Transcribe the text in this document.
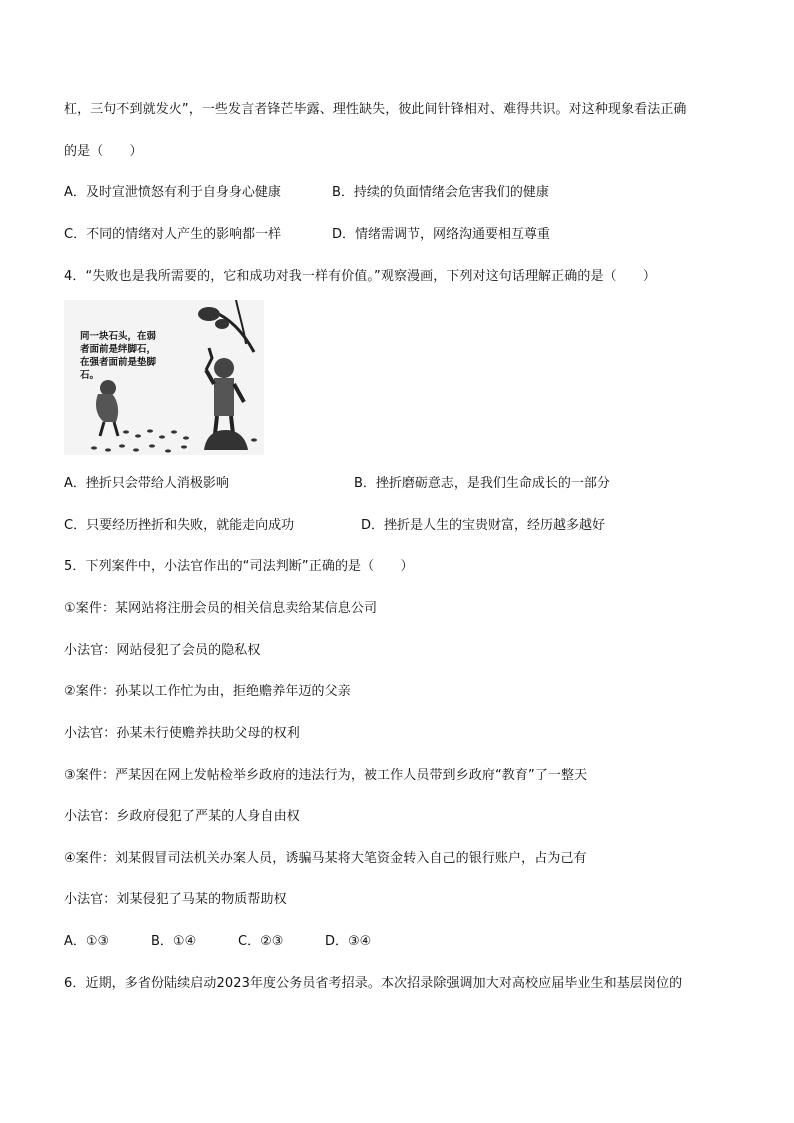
杠，三句不到就发火”，一些发言者锋芒毕露、理性缺失，彼此间针锋相对、难得共识。对这种现象看法正确
的是（　　）
A．及时宣泄愤怒有利于自身身心健康	B．持续的负面情绪会危害我们的健康
C．不同的情绪对人产生的影响都一样	D．情绪需调节，网络沟通要相互尊重
4．“失败也是我所需要的，它和成功对我一样有价值。”观察漫画，下列对这句话理解正确的是（　　）
同一块石头，在弱者面前是绊脚石，在强者面前是垫脚石。
A．挫折只会带给人消极影响	B．挫折磨砺意志，是我们生命成长的一部分
C．只要经历挫折和失败，就能走向成功	D．挫折是人生的宝贵财富，经历越多越好
5．下列案件中，小法官作出的“司法判断”正确的是（　　）
①案件：某网站将注册会员的相关信息卖给某信息公司
小法官：网站侵犯了会员的隐私权
②案件：孙某以工作忙为由，拒绝赡养年迈的父亲
小法官：孙某未行使赡养扶助父母的权利
③案件：严某因在网上发帖检举乡政府的违法行为，被工作人员带到乡政府“教育”了一整天
小法官：乡政府侵犯了严某的人身自由权
④案件：刘某假冒司法机关办案人员，诱骗马某将大笔资金转入自己的银行账户，占为己有
小法官：刘某侵犯了马某的物质帮助权
A．①③	B．①④	C．②③	D．③④
6．近期，多省份陆续启动2023年度公务员省考招录。本次招录除强调加大对高校应届毕业生和基层岗位的
